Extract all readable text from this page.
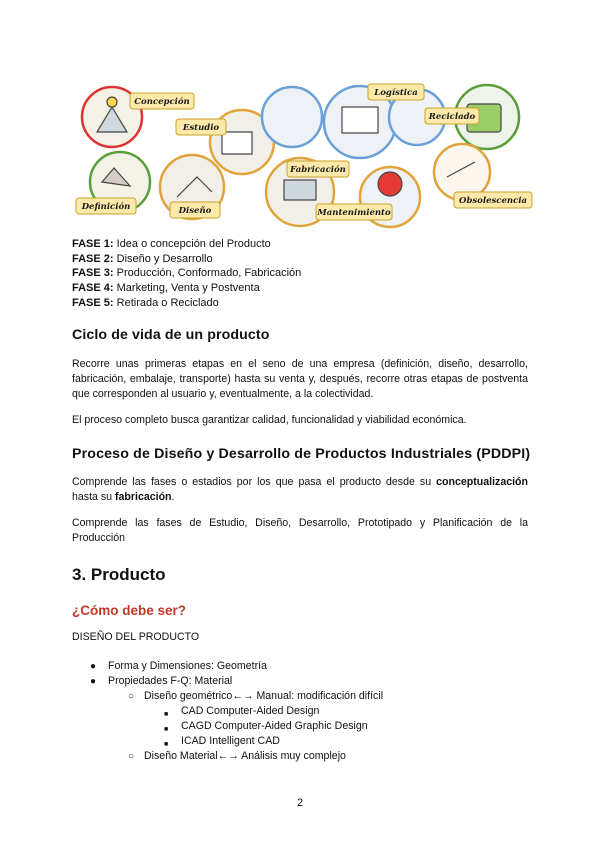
Concepción
Estudio
Definición	Diseño
Fabricación
Mantenimiento
Logística
Reciclado
Obsolescencia
FASE 1: Idea o concepción del Producto
FASE 2: Diseño y Desarrollo
FASE 3: Producción, Conformado, Fabricación
FASE 4: Marketing, Venta y Postventa
FASE 5: Retirada o Reciclado
Ciclo de vida de un producto

Recorre unas primeras etapas en el seno de una empresa (definición, diseño, desarrollo, fabricación, embalaje, transporte) hasta su venta y, después, recorre otras etapas de postventa que corresponden al usuario y, eventualmente, a la colectividad.

El proceso completo busca garantizar calidad, funcionalidad y viabilidad económica.

Proceso de Diseño y Desarrollo de Productos Industriales (PDDPI)

Comprende las fases o estadios por los que pasa el producto desde su conceptualización hasta su fabricación.

Comprende las fases de Estudio, Diseño, Desarrollo, Prototipado y Planificación de la Producción

3. Producto
¿Cómo debe ser?
DISEÑO DEL PRODUCTO
● Forma y Dimensiones: Geometría
● Propiedades F-Q: Material
○ Diseño geométrico←→ Manual: modificación difícil
■ CAD Computer-Aided Design
■ CAGD Computer-Aided Graphic Design
■ ICAD Intelligent CAD
○ Diseño Material←→ Análisis muy complejo
2
